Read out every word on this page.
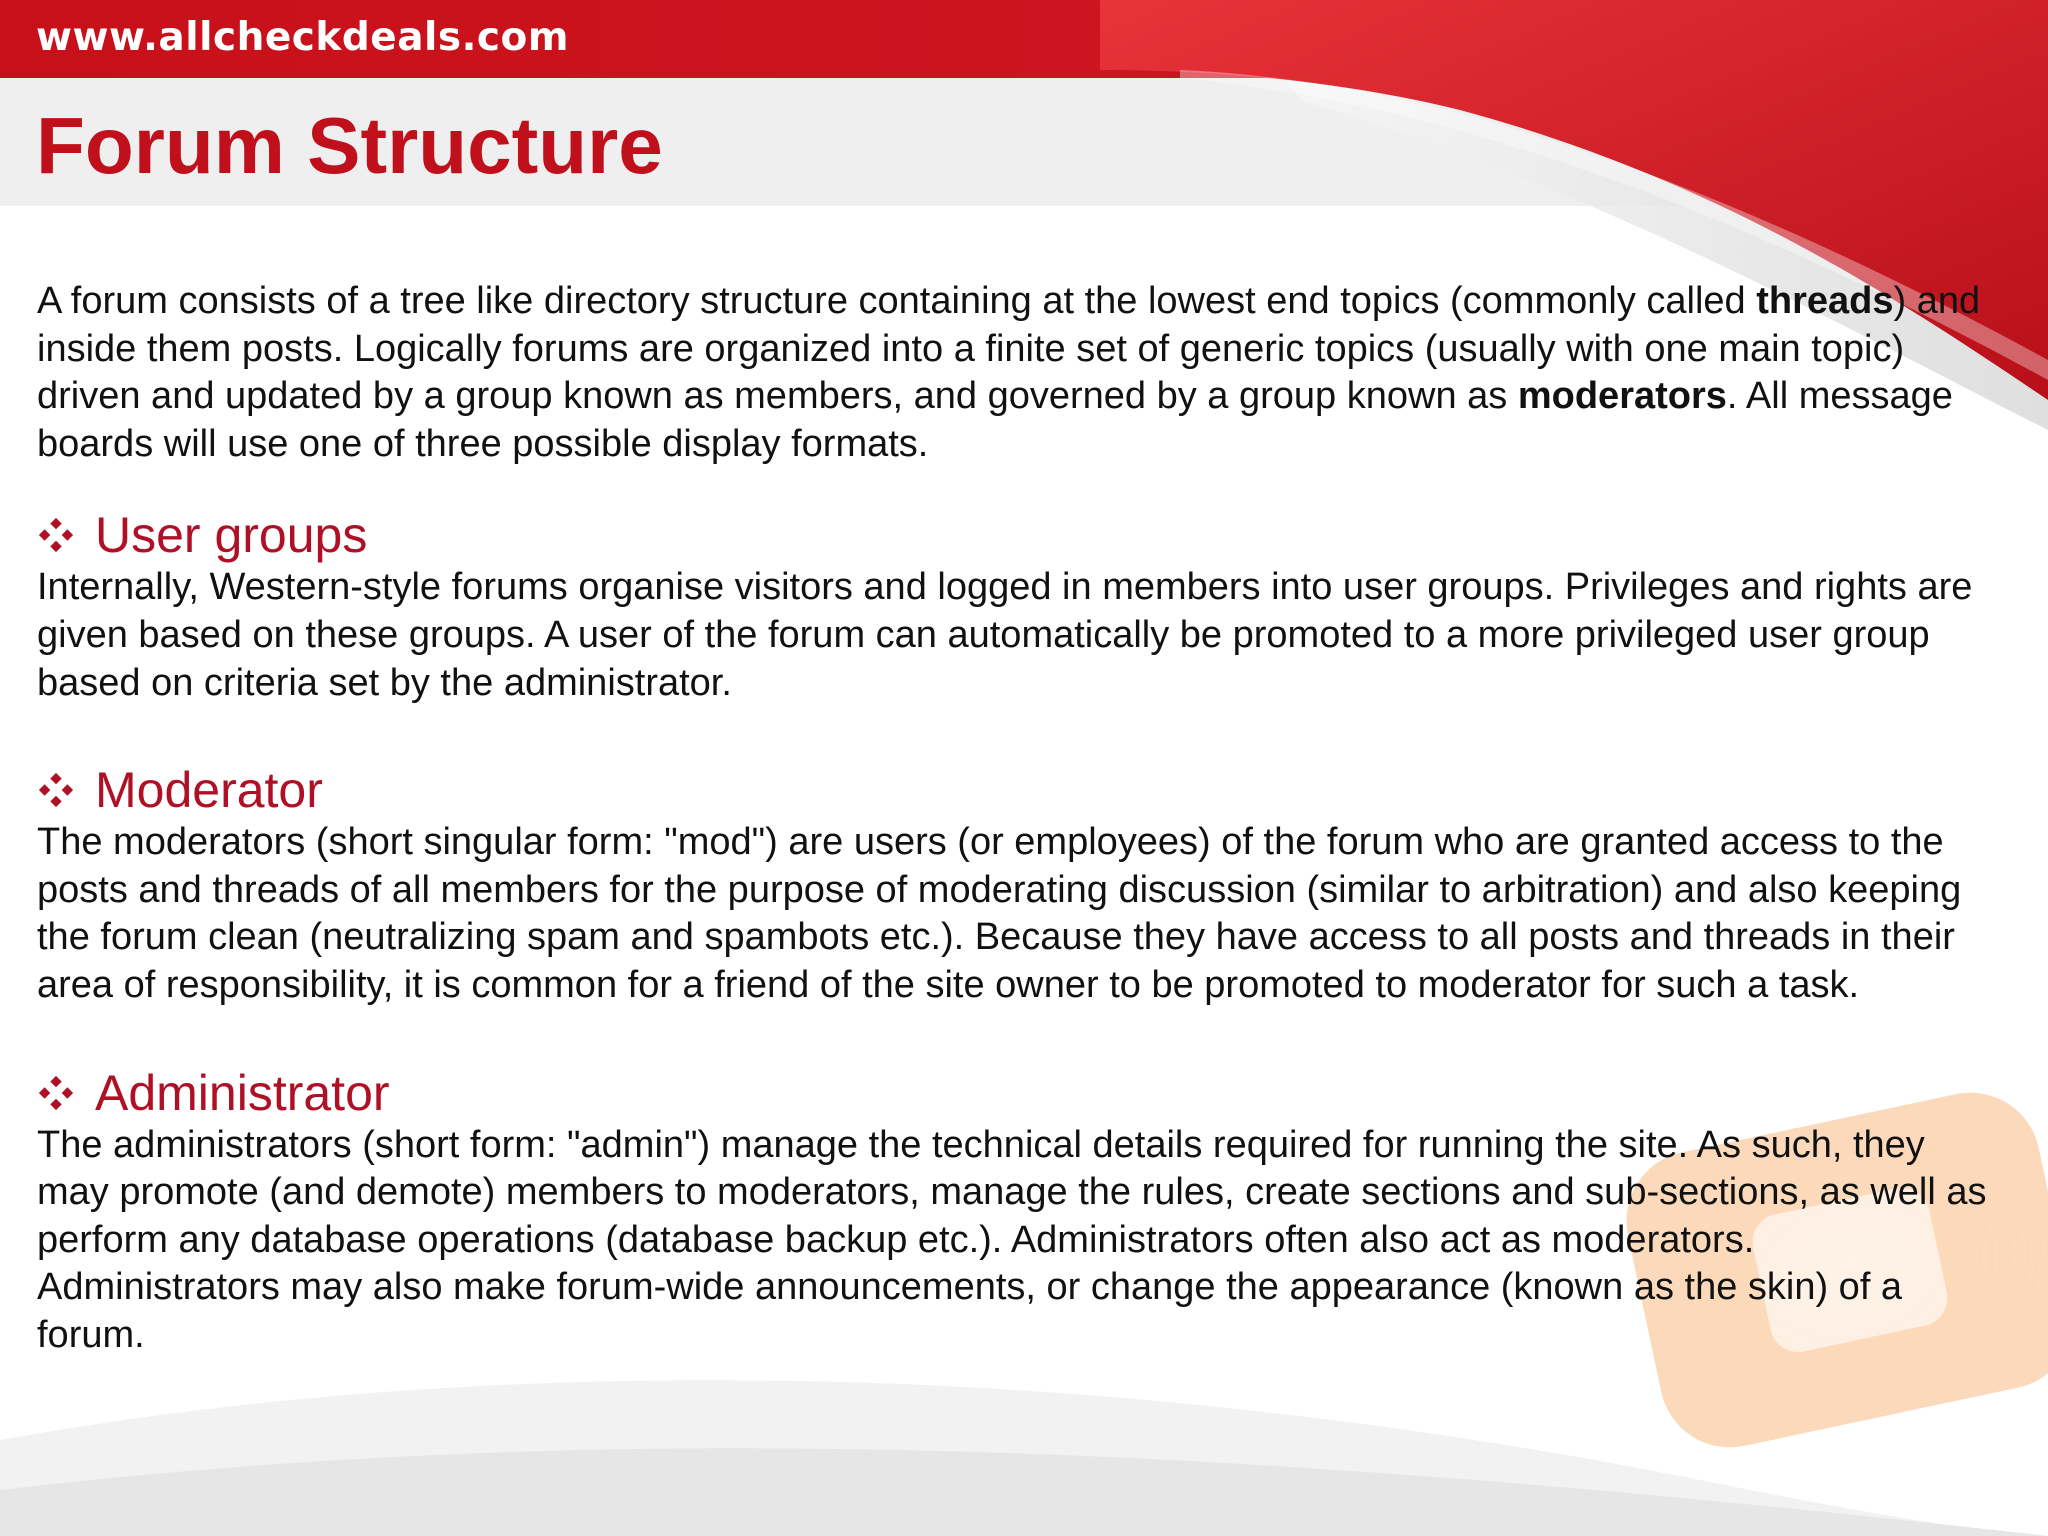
www.allcheckdeals.com
Forum Structure

A forum consists of a tree like directory structure containing at the lowest end topics (commonly called threads) and inside them posts. Logically forums are organized into a finite set of generic topics (usually with one main topic) driven and updated by a group known as members, and governed by a group known as moderators. All message boards will use one of three possible display formats.

User groups

Internally, Western-style forums organise visitors and logged in members into user groups. Privileges and rights are given based on these groups. A user of the forum can automatically be promoted to a more privileged user group based on criteria set by the administrator.

Moderator

The moderators (short singular form: "mod") are users (or employees) of the forum who are granted access to the posts and threads of all members for the purpose of moderating discussion (similar to arbitration) and also keeping the forum clean (neutralizing spam and spambots etc.). Because they have access to all posts and threads in their area of responsibility, it is common for a friend of the site owner to be promoted to moderator for such a task.

Administrator

The administrators (short form: "admin") manage the technical details required for running the site. As such, they may promote (and demote) members to moderators, manage the rules, create sections and sub-sections, as well as perform any database operations (database backup etc.). Administrators often also act as moderators. Administrators may also make forum-wide announcements, or change the appearance (known as the skin) of a forum.
